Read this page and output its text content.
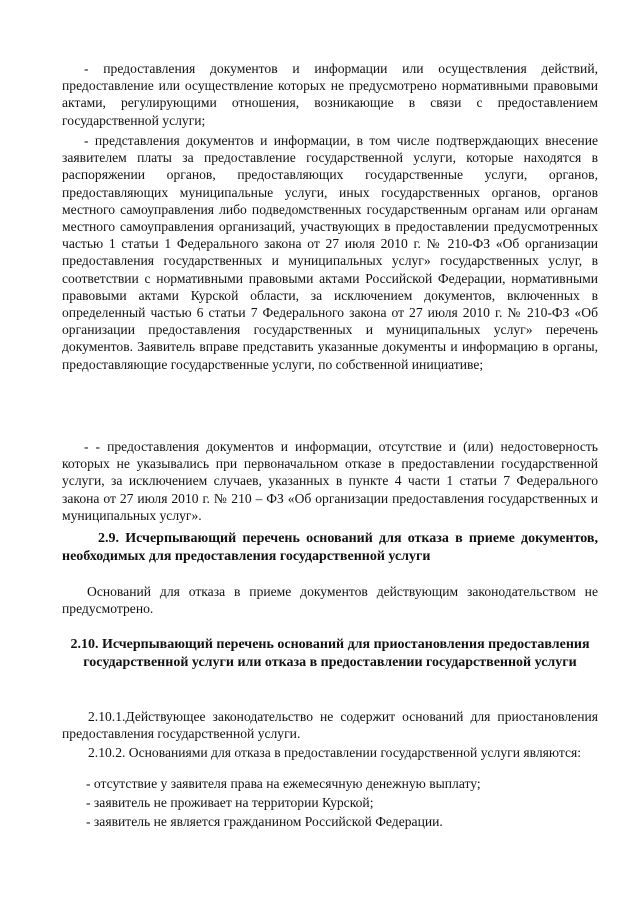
- предоставления документов и информации или осуществления действий, предоставление или осуществление которых не предусмотрено нормативными правовыми актами, регулирующими отношения, возникающие в связи с предоставлением государственной услуги;

- представления документов и информации, в том числе подтверждающих внесение заявителем платы за предоставление государственной услуги, которые находятся в распоряжении органов, предоставляющих государственные услуги, органов, предоставляющих муниципальные услуги, иных государственных органов, органов местного самоуправления либо подведомственных государственным органам или органам местного самоуправления организаций, участвующих в предоставлении предусмотренных частью 1 статьи 1 Федерального закона от 27 июля 2010 г. № 210-ФЗ «Об организации предоставления государственных и муниципальных услуг» государственных услуг, в соответствии с нормативными правовыми актами Российской Федерации, нормативными правовыми актами Курской области, за исключением документов, включенных в определенный частью 6 статьи 7 Федерального закона от 27 июля 2010 г. № 210-ФЗ «Об организации предоставления государственных и муниципальных услуг» перечень документов. Заявитель вправе представить указанные документы и информацию в органы, предоставляющие государственные услуги, по собственной инициативе;

- - предоставления документов и информации, отсутствие и (или) недостоверность которых не указывались при первоначальном отказе в предоставлении государственной услуги, за исключением случаев, указанных в пункте 4 части 1 статьи 7 Федерального закона от 27 июля 2010 г. № 210 – ФЗ «Об организации предоставления государственных и муниципальных услуг».

2.9. Исчерпывающий перечень оснований для отказа в приеме документов, необходимых для предоставления государственной услуги

Оснований для отказа в приеме документов действующим законодательством не предусмотрено.

2.10. Исчерпывающий перечень оснований для приостановления предоставления государственной услуги или отказа в предоставлении государственной услуги

2.10.1.Действующее законодательство не содержит оснований для приостановления предоставления государственной услуги.

2.10.2. Основаниями для отказа в предоставлении государственной услуги являются:

- отсутствие у заявителя права на ежемесячную денежную выплату;
- заявитель не проживает на территории Курской;
- заявитель не является гражданином Российской Федерации.
